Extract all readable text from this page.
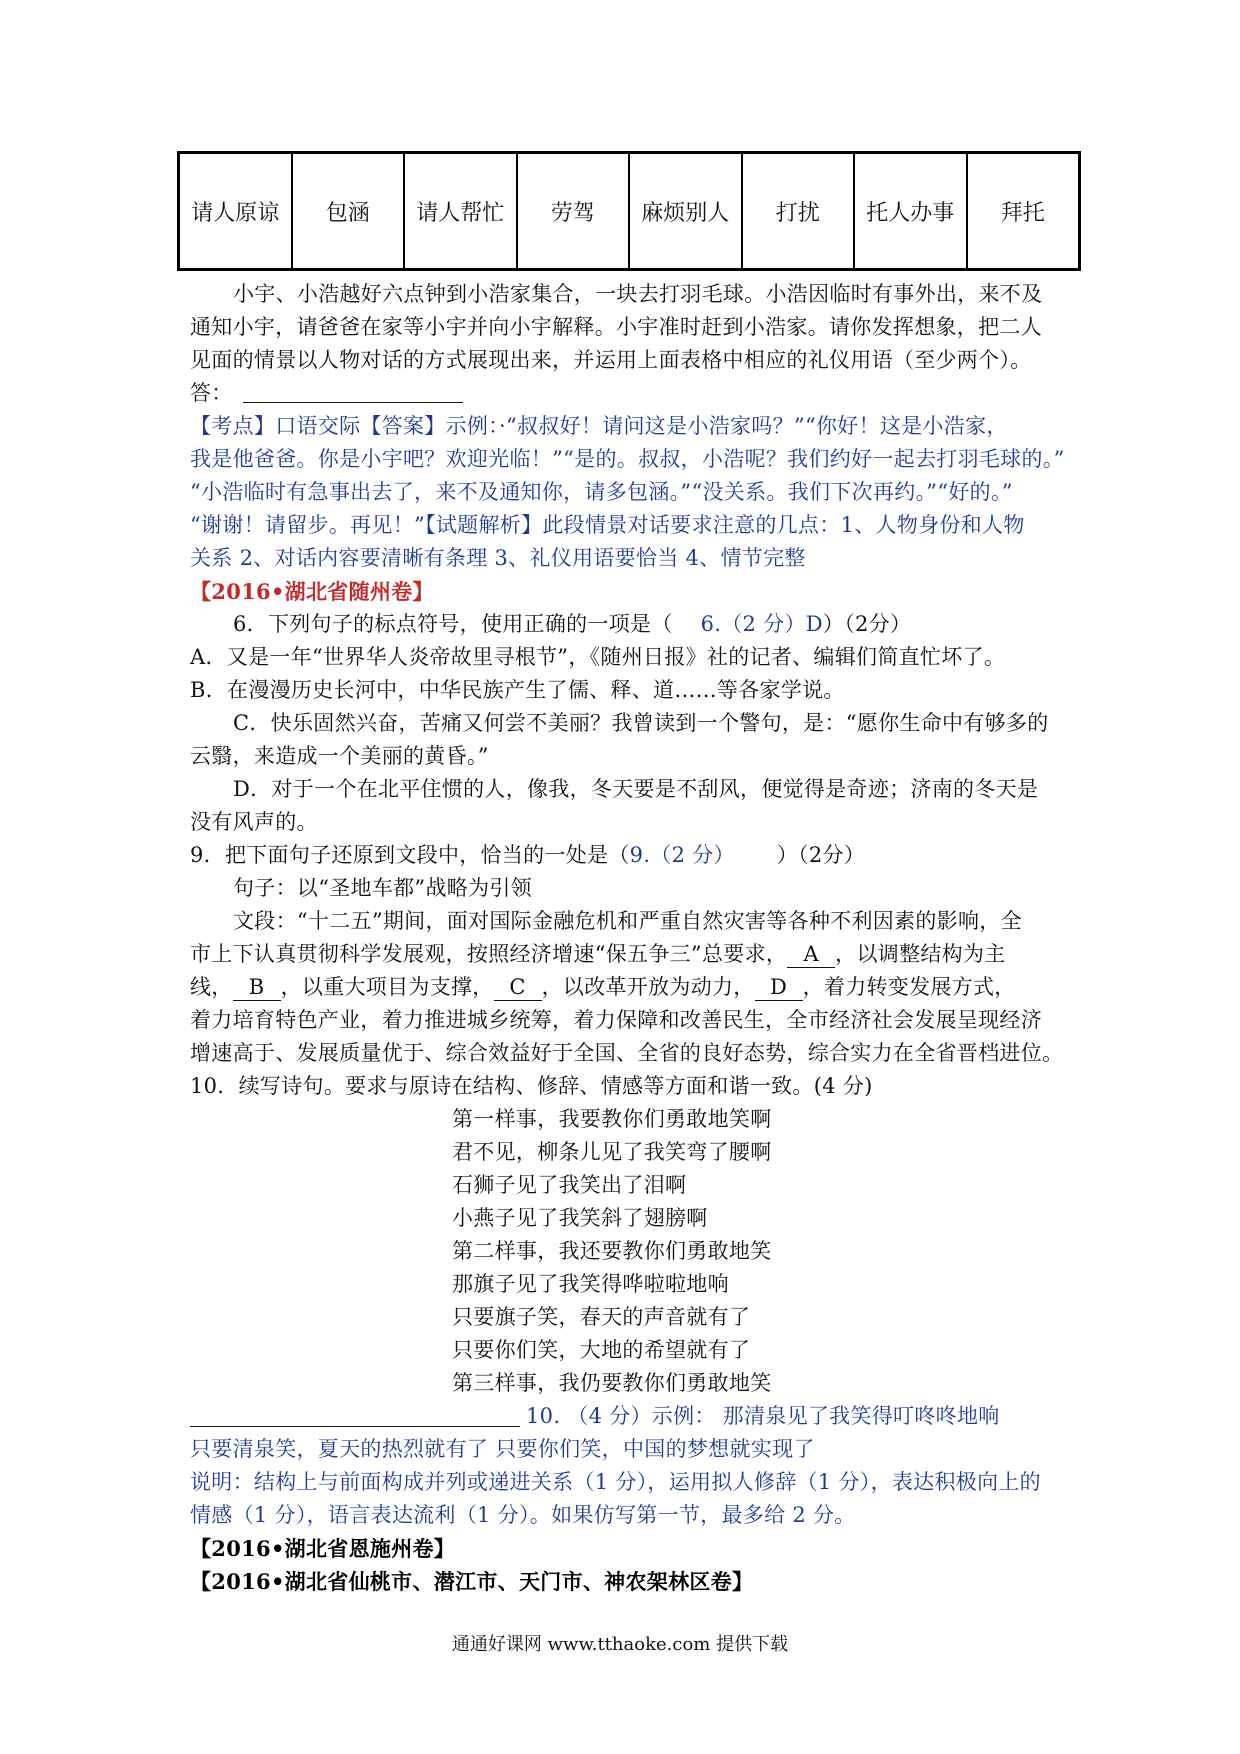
请人原谅	包涵	请人帮忙	劳驾	麻烦别人	打扰	托人办事	拜托
小宇、小浩越好六点钟到小浩家集合，一块去打羽毛球。小浩因临时有事外出，来不及
通知小宇，请爸爸在家等小宇并向小宇解释。小宇准时赶到小浩家。请你发挥想象，把二人
见面的情景以人物对话的方式展现出来，并运用上面表格中相应的礼仪用语（至少两个）。
答：
【考点】口语交际【答案】示例：·“叔叔好！请问这是小浩家吗？”“你好！这是小浩家，
我是他爸爸。你是小宇吧？欢迎光临！”“是的。叔叔，小浩呢？我们约好一起去打羽毛球的。”
“小浩临时有急事出去了，来不及通知你，请多包涵。”“没关系。我们下次再约。”“好的。”
“谢谢！请留步。再见！”【试题解析】此段情景对话要求注意的几点：1、人物身份和人物
关系 2、对话内容要清晰有条理 3、礼仪用语要恰当 4、情节完整
【2016•湖北省随州卷】
6．下列句子的标点符号，使用正确的一项是（ 6.（2 分）D）（2分）
A．又是一年“世界华人炎帝故里寻根节”，《随州日报》社的记者、编辑们简直忙坏了。
B．在漫漫历史长河中，中华民族产生了儒、释、道……等各家学说。
C．快乐固然兴奋，苦痛又何尝不美丽？我曾读到一个警句，是：“愿你生命中有够多的
云翳，来造成一个美丽的黄昏。”
D．对于一个在北平住惯的人，像我，冬天要是不刮风，便觉得是奇迹；济南的冬天是
没有风声的。
9．把下面句子还原到文段中，恰当的一处是（9.（2 分） ）（2分）
句子：以“圣地车都”战略为引领
文段：“十二五”期间，面对国际金融危机和严重自然灾害等各种不利因素的影响，全
市上下认真贯彻科学发展观，按照经济增速“保五争三”总要求， A ，以调整结构为主
线， B ，以重大项目为支撑， C ，以改革开放为动力， D ，着力转变发展方式，
着力培育特色产业，着力推进城乡统筹，着力保障和改善民生，全市经济社会发展呈现经济
增速高于、发展质量优于、综合效益好于全国、全省的良好态势，综合实力在全省晋档进位。
10．续写诗句。要求与原诗在结构、修辞、情感等方面和谐一致。(4 分)
第一样事，我要教你们勇敢地笑啊
君不见，柳条儿见了我笑弯了腰啊
石狮子见了我笑出了泪啊
小燕子见了我笑斜了翅膀啊
第二样事，我还要教你们勇敢地笑
那旗子见了我笑得哗啦啦地响
只要旗子笑，春天的声音就有了
只要你们笑，大地的希望就有了
第三样事，我仍要教你们勇敢地笑
10. （4 分）示例： 那清泉见了我笑得叮咚咚地响
只要清泉笑，夏天的热烈就有了 只要你们笑，中国的梦想就实现了
说明：结构上与前面构成并列或递进关系（1 分），运用拟人修辞（1 分），表达积极向上的
情感（1 分），语言表达流利（1 分）。如果仿写第一节，最多给 2 分。
【2016•湖北省恩施州卷】
【2016•湖北省仙桃市、潜江市、天门市、神农架林区卷】
通通好课网 www.tthaoke.com 提供下载
